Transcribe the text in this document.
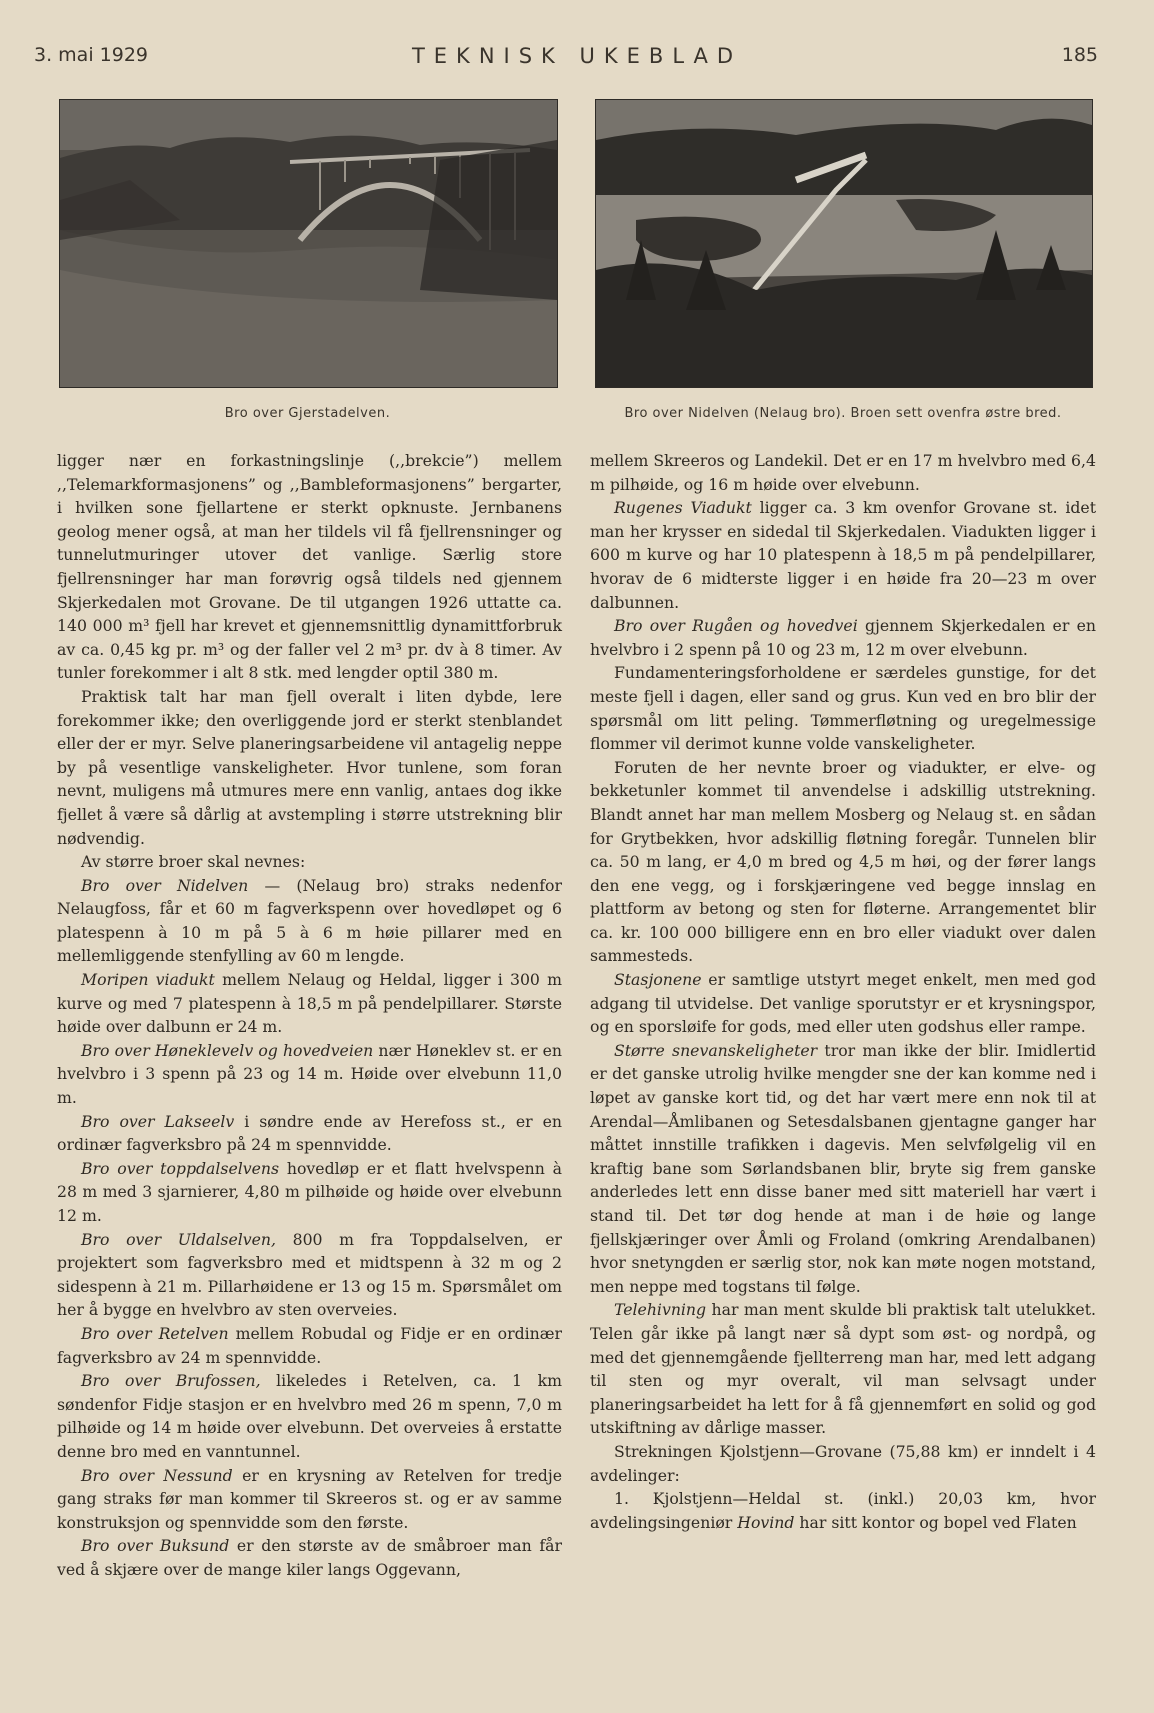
3. mai 1929	TEKNISK UKEBLAD	185
Bro over Gjerstadelven.	Bro over Nidelven (Nelaug bro). Broen sett ovenfra østre bred.

ligger nær en forkastningslinje (,,brekcie”) mellem ,,Telemarkformasjonens” og ,,Bambleformasjonens” bergarter, i hvilken sone fjellartene er sterkt opknuste. Jernbanens geolog mener også, at man her tildels vil få fjellrensninger og tunnelutmuringer utover det vanlige. Særlig store fjellrensninger har man forøvrig også tildels ned gjennem Skjerkedalen mot Grovane. De til utgangen 1926 uttatte ca. 140 000 m³ fjell har krevet et gjennemsnittlig dynamittforbruk av ca. 0,45 kg pr. m³ og der faller vel 2 m³ pr. dv à 8 timer. Av tunler forekommer i alt 8 stk. med lengder optil 380 m.

Praktisk talt har man fjell overalt i liten dybde, lere forekommer ikke; den overliggende jord er sterkt stenblandet eller der er myr. Selve planeringsarbeidene vil antagelig neppe by på vesentlige vanskeligheter. Hvor tunlene, som foran nevnt, muligens må utmures mere enn vanlig, antaes dog ikke fjellet å være så dårlig at avstempling i større utstrekning blir nødvendig.

Av større broer skal nevnes:

Bro over Nidelven — (Nelaug bro) straks nedenfor Nelaugfoss, får et 60 m fagverkspenn over hovedløpet og 6 platespenn à 10 m på 5 à 6 m høie pillarer med en mellemliggende stenfylling av 60 m lengde.

Moripen viadukt mellem Nelaug og Heldal, ligger i 300 m kurve og med 7 platespenn à 18,5 m på pendelpillarer. Største høide over dalbunn er 24 m.

Bro over Høneklevelv og hovedveien nær Høneklev st. er en hvelvbro i 3 spenn på 23 og 14 m. Høide over elvebunn 11,0 m.

Bro over Lakseelv i søndre ende av Herefoss st., er en ordinær fagverksbro på 24 m spennvidde.

Bro over toppdalselvens hovedløp er et flatt hvelvspenn à 28 m med 3 sjarnierer, 4,80 m pilhøide og høide over elvebunn 12 m.

Bro over Uldalselven, 800 m fra Toppdalselven, er projektert som fagverksbro med et midtspenn à 32 m og 2 sidespenn à 21 m. Pillarhøidene er 13 og 15 m. Spørsmålet om her å bygge en hvelvbro av sten overveies.

Bro over Retelven mellem Robudal og Fidje er en ordinær fagverksbro av 24 m spennvidde.

Bro over Brufossen, likeledes i Retelven, ca. 1 km søndenfor Fidje stasjon er en hvelvbro med 26 m spenn, 7,0 m pilhøide og 14 m høide over elvebunn. Det overveies å erstatte denne bro med en vanntunnel.

Bro over Nessund er en krysning av Retelven for tredje gang straks før man kommer til Skreeros st. og er av samme konstruksjon og spennvidde som den første.

Bro over Buksund er den største av de småbroer man får ved å skjære over de mange kiler langs Oggevann,

mellem Skreeros og Landekil. Det er en 17 m hvelvbro med 6,4 m pilhøide, og 16 m høide over elvebunn.

Rugenes Viadukt ligger ca. 3 km ovenfor Grovane st. idet man her krysser en sidedal til Skjerkedalen. Viadukten ligger i 600 m kurve og har 10 platespenn à 18,5 m på pendelpillarer, hvorav de 6 midterste ligger i en høide fra 20—23 m over dalbunnen.

Bro over Rugåen og hovedvei gjennem Skjerkedalen er en hvelvbro i 2 spenn på 10 og 23 m, 12 m over elvebunn.

Fundamenteringsforholdene er særdeles gunstige, for det meste fjell i dagen, eller sand og grus. Kun ved en bro blir der spørsmål om litt peling. Tømmerfløtning og uregelmessige flommer vil derimot kunne volde vanskeligheter.

Foruten de her nevnte broer og viadukter, er elve- og bekketunler kommet til anvendelse i adskillig utstrekning. Blandt annet har man mellem Mosberg og Nelaug st. en sådan for Grytbekken, hvor adskillig fløtning foregår. Tunnelen blir ca. 50 m lang, er 4,0 m bred og 4,5 m høi, og der fører langs den ene vegg, og i forskjæringene ved begge innslag en plattform av betong og sten for fløterne. Arrangementet blir ca. kr. 100 000 billigere enn en bro eller viadukt over dalen sammesteds.

Stasjonene er samtlige utstyrt meget enkelt, men med god adgang til utvidelse. Det vanlige sporutstyr er et krysningspor, og en sporsløife for gods, med eller uten godshus eller rampe.

Større snevanskeligheter tror man ikke der blir. Imidlertid er det ganske utrolig hvilke mengder sne der kan komme ned i løpet av ganske kort tid, og det har vært mere enn nok til at Arendal—Åmlibanen og Setesdalsbanen gjentagne ganger har måttet innstille trafikken i dagevis. Men selvfølgelig vil en kraftig bane som Sørlandsbanen blir, bryte sig frem ganske anderledes lett enn disse baner med sitt materiell har vært i stand til. Det tør dog hende at man i de høie og lange fjellskjæringer over Åmli og Froland (omkring Arendalbanen) hvor snetyngden er særlig stor, nok kan møte nogen motstand, men neppe med togstans til følge.

Telehivning har man ment skulde bli praktisk talt utelukket. Telen går ikke på langt nær så dypt som øst- og nordpå, og med det gjennemgående fjellterreng man har, med lett adgang til sten og myr overalt, vil man selvsagt under planeringsarbeidet ha lett for å få gjennemført en solid og god utskiftning av dårlige masser.

Strekningen Kjolstjenn—Grovane (75,88 km) er inndelt i 4 avdelinger:

1. Kjolstjenn—Heldal st. (inkl.) 20,03 km, hvor avdelingsingeniør Hovind har sitt kontor og bopel ved Flaten
